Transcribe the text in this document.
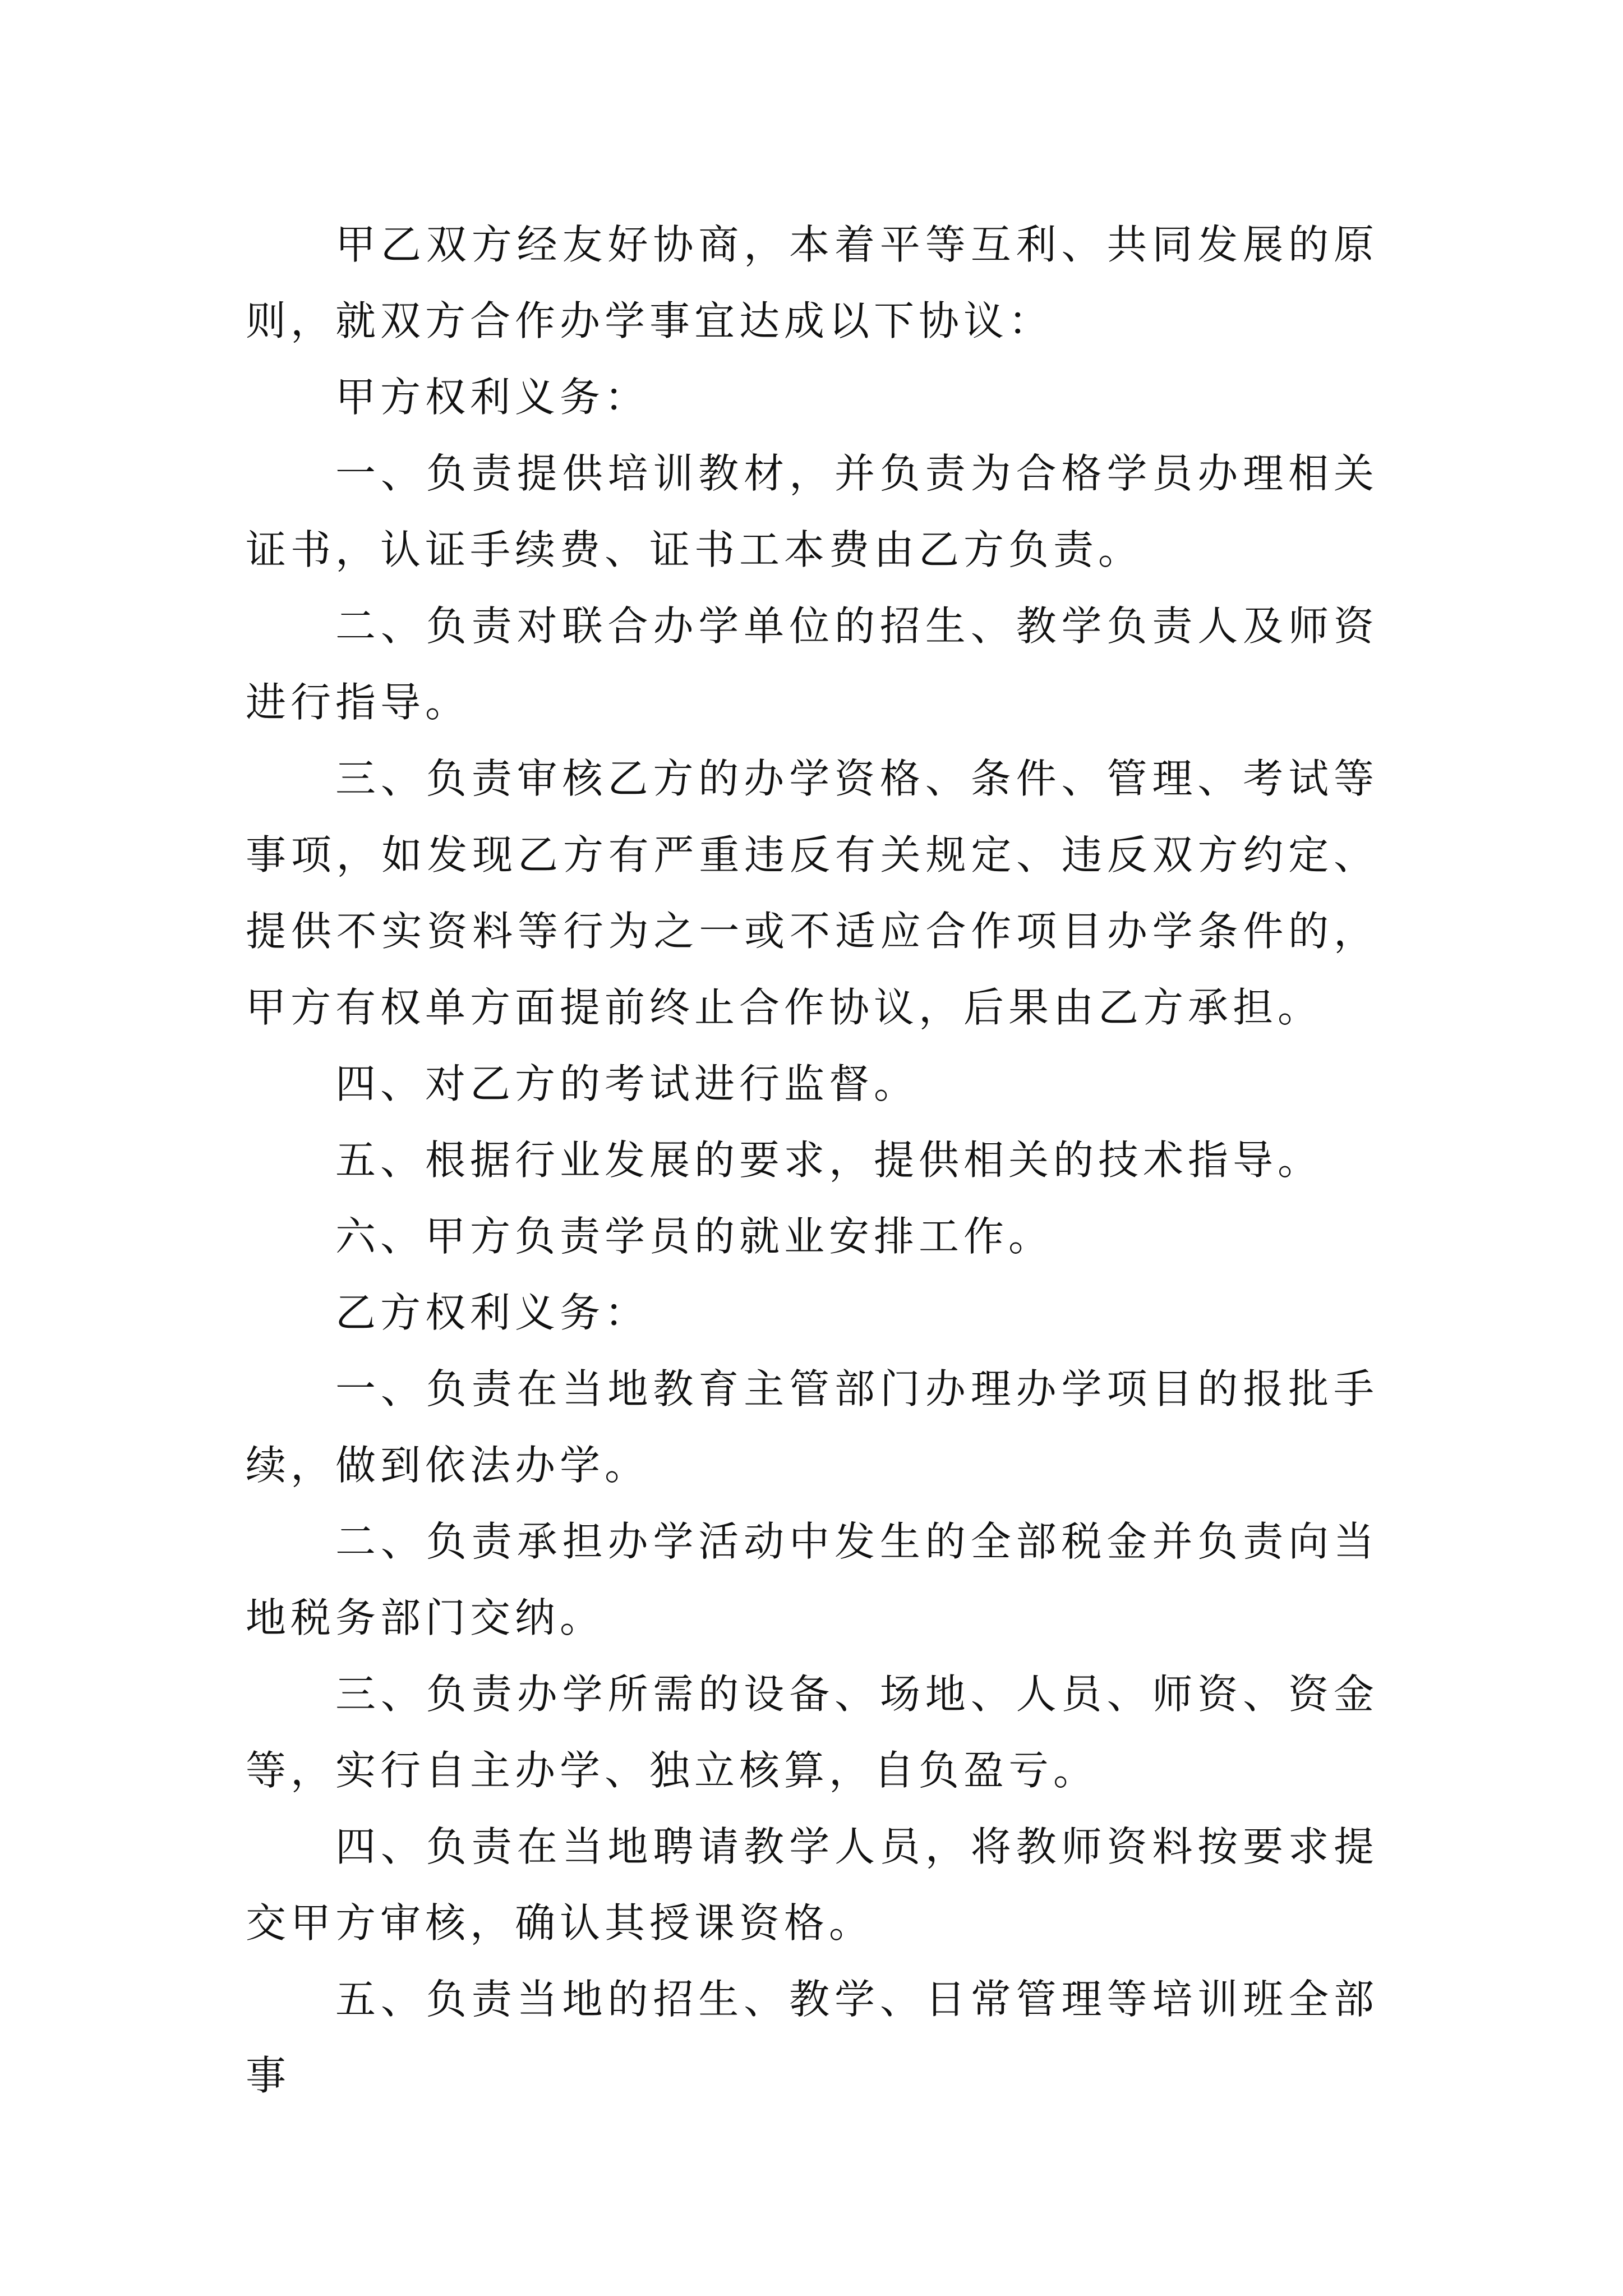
甲乙双方经友好协商，本着平等互利、共同发展的原则，就双方合作办学事宜达成以下协议：

甲方权利义务：

一、负责提供培训教材，并负责为合格学员办理相关证书，认证手续费、证书工本费由乙方负责。

二、负责对联合办学单位的招生、教学负责人及师资进行指导。

三、负责审核乙方的办学资格、条件、管理、考试等事项，如发现乙方有严重违反有关规定、违反双方约定、提供不实资料等行为之一或不适应合作项目办学条件的，甲方有权单方面提前终止合作协议，后果由乙方承担。

四、对乙方的考试进行监督。

五、根据行业发展的要求，提供相关的技术指导。

六、甲方负责学员的就业安排工作。

乙方权利义务：

一、负责在当地教育主管部门办理办学项目的报批手续，做到依法办学。

二、负责承担办学活动中发生的全部税金并负责向当地税务部门交纳。

三、负责办学所需的设备、场地、人员、师资、资金等，实行自主办学、独立核算，自负盈亏。

四、负责在当地聘请教学人员，将教师资料按要求提交甲方审核，确认其授课资格。

五、负责当地的招生、教学、日常管理等培训班全部事
